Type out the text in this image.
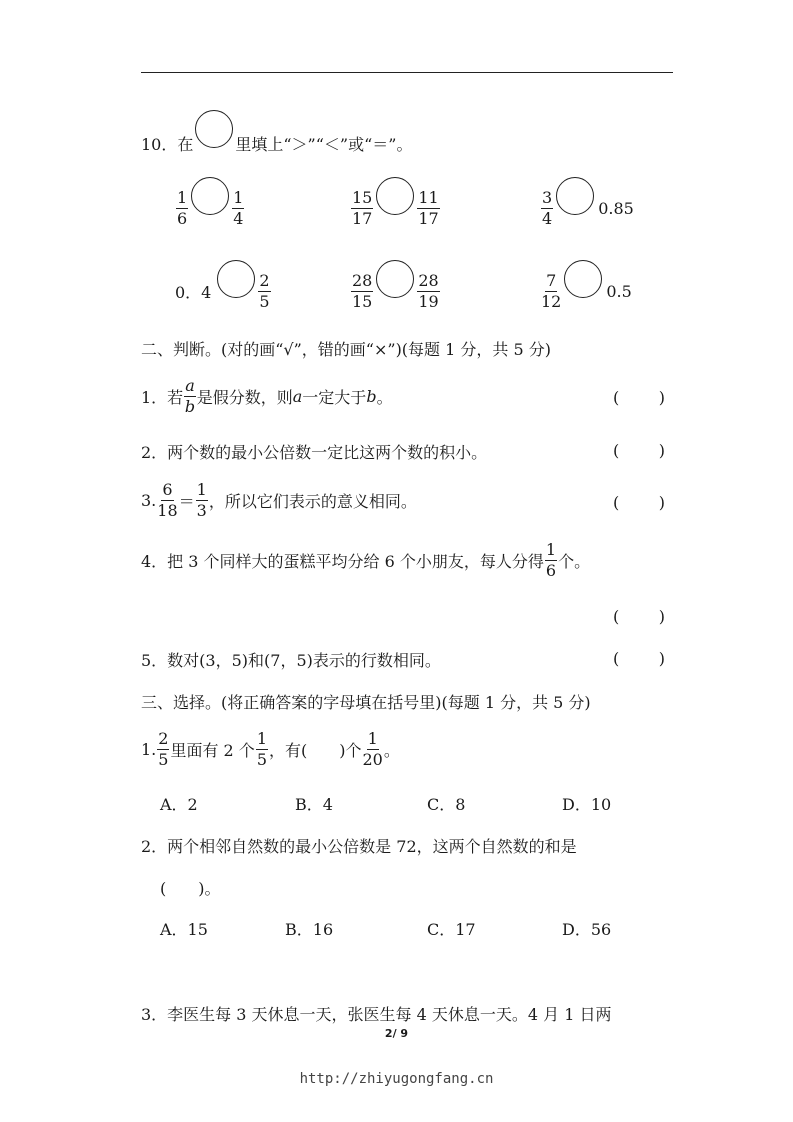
10．在	里填上“＞”“＜”或“＝”。
$\frac{1}{6}$	$\frac{1}{4}$	$\frac{15}{17}$	$\frac{11}{17}$	$\frac{3}{4}$	0.85
0．4	$\frac{2}{5}$	$\frac{28}{15}$	$\frac{28}{19}$	$\frac{7}{12}$	0.5
二、判断。(对的画“√”，错的画“×”)(每题 1 分，共 5 分)
1．若 $\frac{a}{b}$ 是假分数，则 a 一定大于 b 。	( )
2．两个数的最小公倍数一定比这两个数的积小。	( )
3. $\frac{6}{18} = \frac{1}{3}$ ，所以它们表示的意义相同。	( )
4．把 3 个同样大的蛋糕平均分给 6 个小朋友，每人分得 $\frac{1}{6}$ 个。
( )
5．数对(3，5)和(7，5)表示的行数相同。	( )
三、选择。(将正确答案的字母填在括号里)(每题 1 分，共 5 分)
1. $\frac{2}{5}$ 里面有 2 个 $\frac{1}{5}$ ，有(　　)个 $\frac{1}{20}$ 。
A．2	B．4	C．8	D．10
2．两个相邻自然数的最小公倍数是 72，这两个自然数的和是
(　　)。
A．15	B．16	C．17	D．56
3．李医生每 3 天休息一天，张医生每 4 天休息一天。4 月 1 日两
2/ 9
http://zhiyugongfang.cn
